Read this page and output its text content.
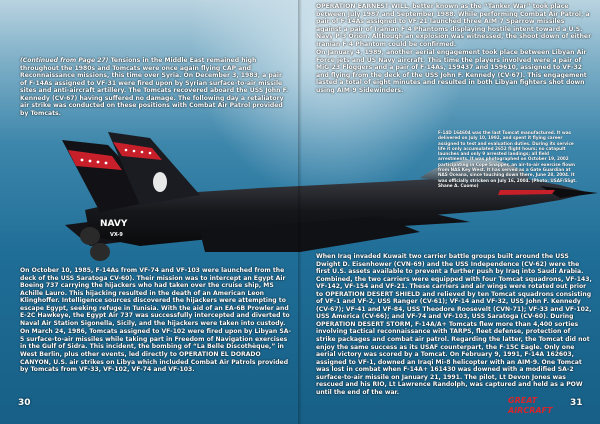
NAVY
VX-9

(Continued from Page 27) Tensions in the Middle East remained high throughout the 1980s and Tomcats were once again flying CAP and Reconnaissance missions, this time over Syria. On December 3, 1983, a pair of F-14As assigned to VF-31 were fired upon by Syrian surface-to-air missile sites and anti-aircraft artillery. The Tomcats recovered aboard the USS John F. Kennedy (CV-67) having suffered no damage. The following day a retaliatory air strike was conducted on these positions with Combat Air Patrol provided by Tomcats.

OPERATION EARNEST WILL, better known as the “Tanker War” took place between July 1987 and September 1988. While performing Combat Air Patrol, a pair of F-14As assigned to VF-21 launched three AIM-7 Sparrow missiles against a pair of Iranian F-4 Phantoms displaying hostile intent toward a U.S. Navy P-3 Orion. Although an explosion was witnessed, the shoot-down of either Iranian F-4 Phantom could be confirmed.

On January 4, 1989, another aerial engagement took place between Libyan Air Force jets and US Navy aircraft. This time the players involved were a pair of MiG-23 Floggers and a pair of F-14As, 159437 and 159610, assigned to VF-32 and flying from the deck of the USS John F. Kennedy (CV-67). This engagement lasted a total of eight minutes and resulted in both Libyan fighters shot down using AIM-9 Sidewinders.

F-14D 164604 was the last Tomcat manufactured. It was delivered on July 10, 1992, and spent it flying career assigned to test and evaluation duties. During its service life it only accumulated 2652 flight hours; no catapult launches and only 9 arrested landings; all field arrestments. It was photographed on October 19, 2002 participating in Cope Snapper, an air-to-air exercise flown from NAS Key West. It has served as a Gate Guardian at NAS Oceana, since touching down there, June 28, 2004. It was officially stricken on July 16, 2004. (Photo: USAF/SSgt. Shane A. Cuomo)

On October 10, 1985, F-14As from VF-74 and VF-103 were launched from the deck of the USS Saratoga CV-60). Their mission was to intercept an Egypt Air Boeing 737 carrying the hijackers who had taken over the cruise ship, MS Achille Lauro. This hijacking resulted in the death of an American Leon Klinghoffer. Intelligence sources discovered the hijackers were attempting to escape Egypt, seeking refuge in Tunisia. With the aid of an EA-6B Prowler and E-2C Hawkeye, the Egypt Air 737 was successfully intercepted and diverted to Naval Air Station Sigonella, Sicily, and the hijackers were taken into custody.

On March 24, 1986, Tomcats assigned to VF-102 were fired upon by Libyan SA-5 surface-to-air missiles while taking part in Freedom of Navigation exercises in the Gulf of Sidra. This incident, the bombing of “La Belle Discothèque,” in West Berlin, plus other events, led directly to OPERATION EL DORADO CANYON, U.S. air strikes on Libya which included Combat Air Patrols provided by Tomcats from VF-33, VF-102, VF-74 and VF-103.

When Iraq invaded Kuwait two carrier battle groups built around the USS Dwight D. Eisenhower (CVN-69) and the USS Independence (CV-62) were the first U.S. assets available to prevent a further push by Iraq into Saudi Arabia. Combined, the two carriers were equipped with four Tomcat squadrons, VF-143, VF-142, VF-154 and VF-21. These carriers and air wings were rotated out prior to OPERATION DESERT SHIELD and relieved by ten Tomcat squadrons consisting of VF-1 and VF-2, USS Ranger (CV-61); VF-14 and VF-32, USS John F. Kennedy (CV-67); VF-41 and VF-84, USS Theodore Roosevelt (CVN-71); VF-33 and VF-102, USS America (CV-66); and VF-74 and VF-103, USS Saratoga (CV-60). During OPERATION DESERT STORM, F-14A/A+ Tomcats flew more than 4,400 sorties involving tactical reconnaissance with TARPS, fleet defense, protection of strike packages and combat air patrol. Regarding the latter, the Tomcat did not enjoy the same success as its USAF counterpart, the F-15C Eagle. Only one aerial victory was scored by a Tomcat. On February 9, 1991, F-14A 162603, assigned to VF-1, downed an Iraqi Mi-8 helicopter with an AIM-9. One Tomcat was lost in combat when F-14A+ 161430 was downed with a modified SA-2 surface-to-air missile on January 21, 1991. The pilot, Lt Devon Jones was rescued and his RIO, Lt Lawrence Randolph, was captured and held as a POW until the end of the war.

30	31
GREAT
AIRCRAFT
